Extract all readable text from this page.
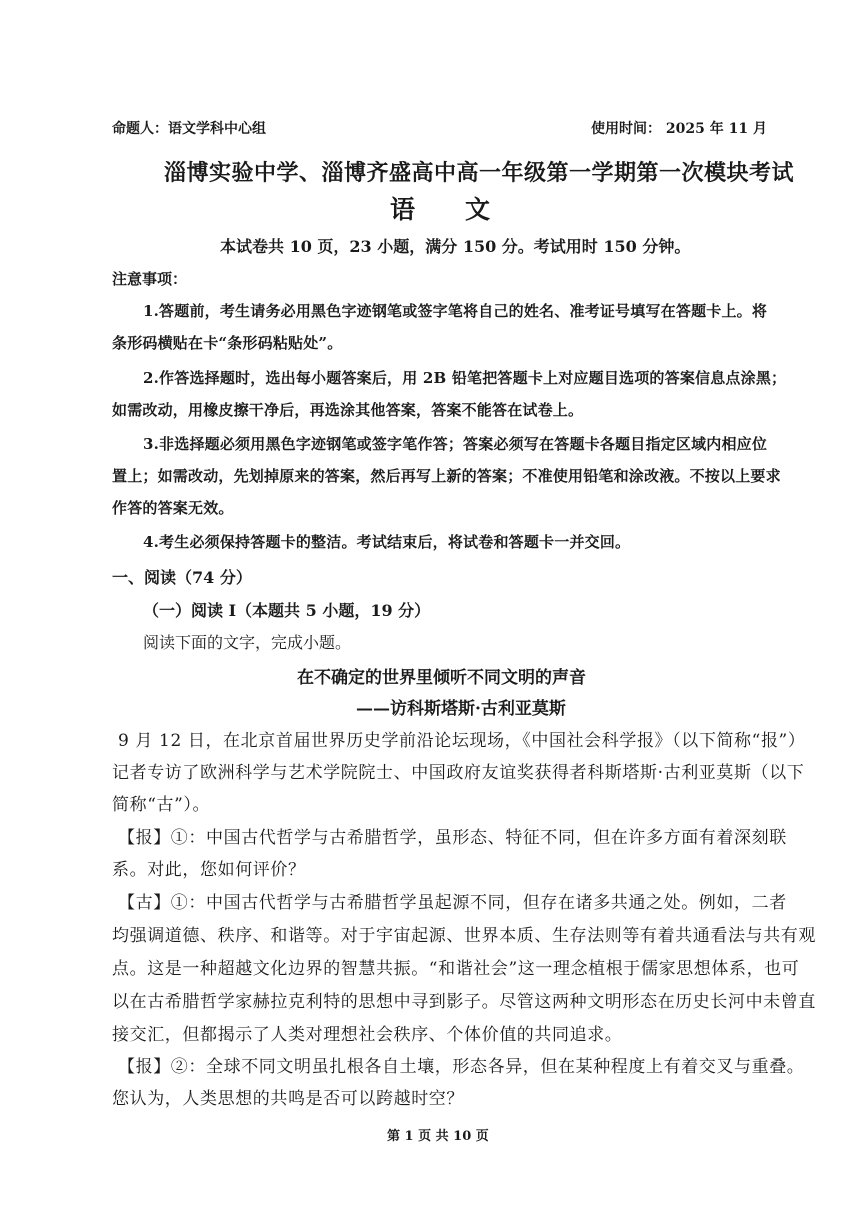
命题人：语文学科中心组	使用时间： 2025 年 11 月
淄博实验中学、淄博齐盛高中高一年级第一学期第一次模块考试
语　　文
本试卷共 10 页，23 小题，满分 150 分。考试用时 150 分钟。
注意事项：
1.答题前，考生请务必用黑色字迹钢笔或签字笔将自己的姓名、准考证号填写在答题卡上。将
条形码横贴在卡“条形码粘贴处”。
2.作答选择题时，选出每小题答案后，用 2B 铅笔把答题卡上对应题目选项的答案信息点涂黑；
如需改动，用橡皮擦干净后，再选涂其他答案，答案不能答在试卷上。
3.非选择题必须用黑色字迹钢笔或签字笔作答；答案必须写在答题卡各题目指定区域内相应位
置上；如需改动，先划掉原来的答案，然后再写上新的答案；不准使用铅笔和涂改液。不按以上要求
作答的答案无效。
4.考生必须保持答题卡的整洁。考试结束后，将试卷和答题卡一并交回。
一、阅读（74 分）
（一）阅读 Ⅰ（本题共 5 小题，19 分）
阅读下面的文字，完成小题。
在不确定的世界里倾听不同文明的声音
——访科斯塔斯·古利亚莫斯
9 月 12 日，在北京首届世界历史学前沿论坛现场，《中国社会科学报》（以下简称“报”）
记者专访了欧洲科学与艺术学院院士、中国政府友谊奖获得者科斯塔斯·古利亚莫斯（以下
简称“古”）。
【报】①：中国古代哲学与古希腊哲学，虽形态、特征不同，但在许多方面有着深刻联
系。对此，您如何评价？
【古】①：中国古代哲学与古希腊哲学虽起源不同，但存在诸多共通之处。例如，二者
均强调道德、秩序、和谐等。对于宇宙起源、世界本质、生存法则等有着共通看法与共有观
点。这是一种超越文化边界的智慧共振。“和谐社会”这一理念植根于儒家思想体系，也可
以在古希腊哲学家赫拉克利特的思想中寻到影子。尽管这两种文明形态在历史长河中未曾直
接交汇，但都揭示了人类对理想社会秩序、个体价值的共同追求。
【报】②：全球不同文明虽扎根各自土壤，形态各异，但在某种程度上有着交叉与重叠。
您认为，人类思想的共鸣是否可以跨越时空？
第 1 页 共 10 页
